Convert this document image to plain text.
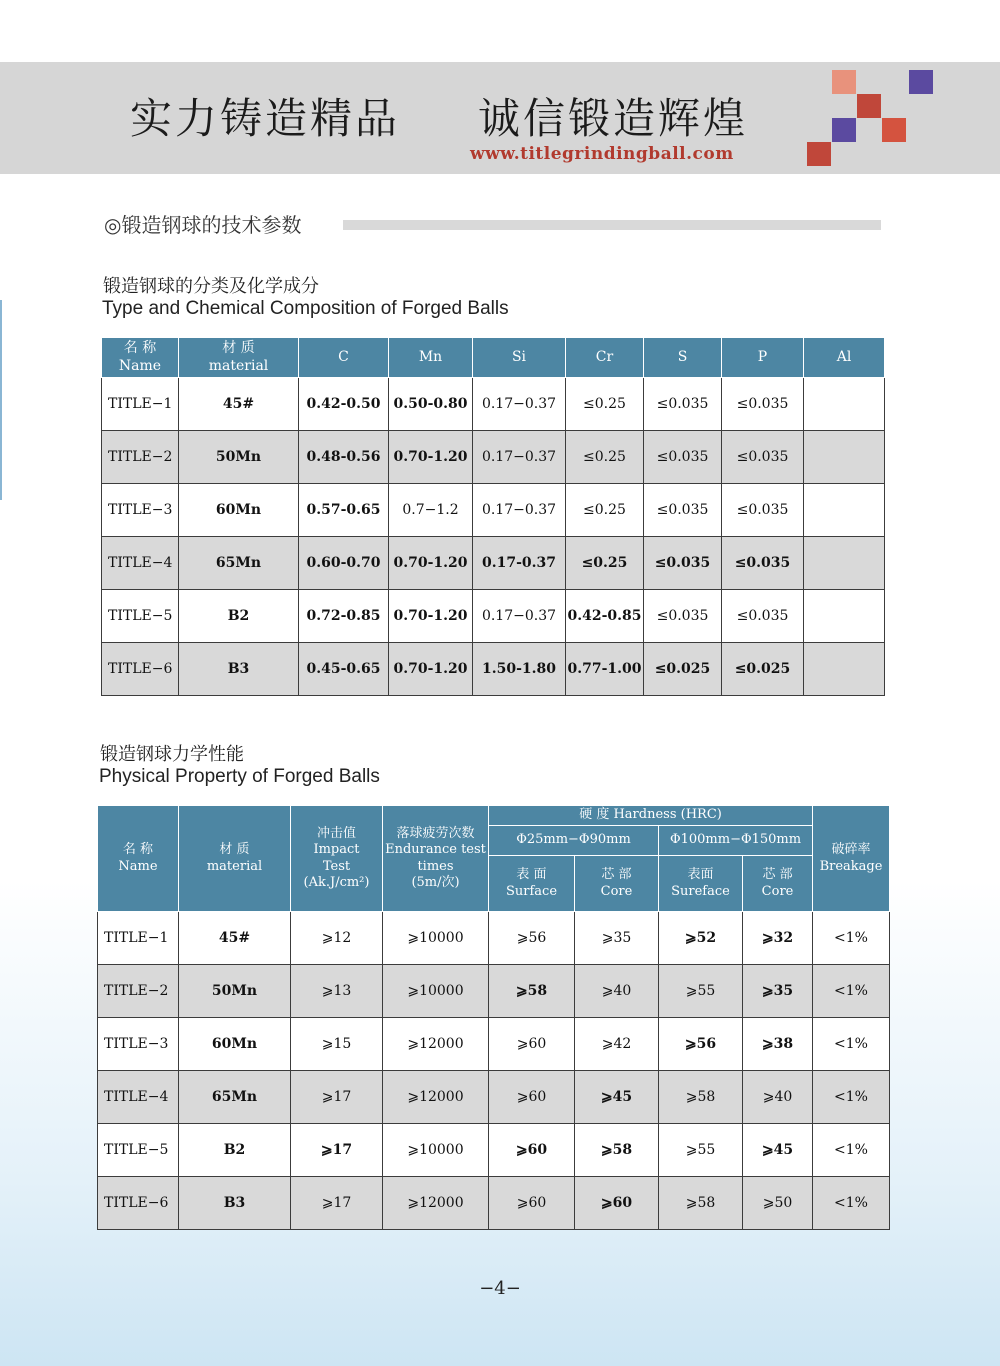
实力铸造精品 诚信锻造辉煌
www.titlegrindingball.com
◎锻造钢球的技术参数
锻造钢球的分类及化学成分
Type and Chemical Composition of Forged Balls
名 称
Name	材 质
material	C	Mn	Si	Cr	S	P	Al
TITLE−1	45#	0.42-0.50	0.50-0.80	0.17−0.37	≤0.25	≤0.035	≤0.035	
TITLE−2	50Mn	0.48-0.56	0.70-1.20	0.17−0.37	≤0.25	≤0.035	≤0.035	
TITLE−3	60Mn	0.57-0.65	0.7−1.2	0.17−0.37	≤0.25	≤0.035	≤0.035	
TITLE−4	65Mn	0.60-0.70	0.70-1.20	0.17-0.37	≤0.25	≤0.035	≤0.035	
TITLE−5	B2	0.72-0.85	0.70-1.20	0.17−0.37	0.42-0.85	≤0.035	≤0.035	
TITLE−6	B3	0.45-0.65	0.70-1.20	1.50-1.80	0.77-1.00	≤0.025	≤0.025	
锻造钢球力学性能
Physical Property of Forged Balls
名 称
Name	材 质
material	冲击值
Impact
Test
(Ak.J/cm²)	落球疲劳次数
Endurance test
times
(5m/次)	硬 度 Hardness (HRC)				破碎率
Breakage
				Φ25mm−Φ90mm		Φ100mm−Φ150mm		
				表 面
Surface	芯 部
Core	表面
Sureface	芯 部
Core	
TITLE−1	45#	⩾12	⩾10000	⩾56	⩾35	⩾52	⩾32	<1%
TITLE−2	50Mn	⩾13	⩾10000	⩾58	⩾40	⩾55	⩾35	<1%
TITLE−3	60Mn	⩾15	⩾12000	⩾60	⩾42	⩾56	⩾38	<1%
TITLE−4	65Mn	⩾17	⩾12000	⩾60	⩾45	⩾58	⩾40	<1%
TITLE−5	B2	⩾17	⩾10000	⩾60	⩾58	⩾55	⩾45	<1%
TITLE−6	B3	⩾17	⩾12000	⩾60	⩾60	⩾58	⩾50	<1%
−4−
